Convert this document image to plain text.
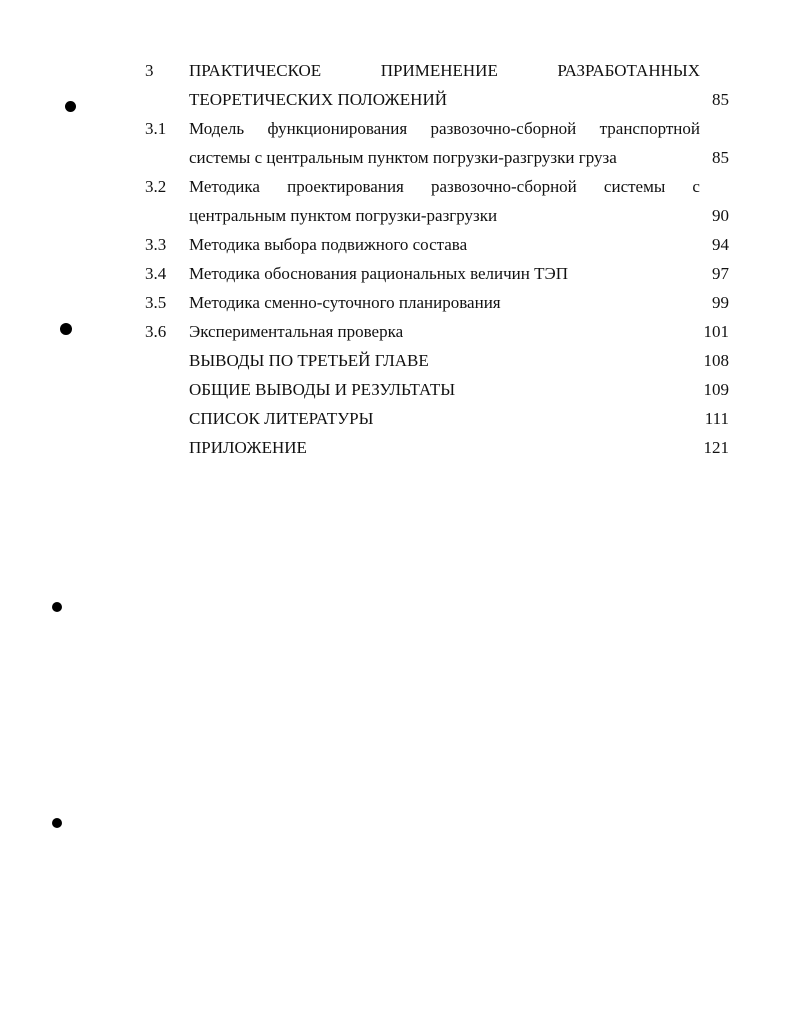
3 ПРАКТИЧЕСКОЕ	ПРИМЕНЕНИЕ	РАЗРАБОТАННЫХ
ТЕОРЕТИЧЕСКИХ ПОЛОЖЕНИЙ	85
3.1 Модель функционирования развозочно-сборной транспортной
системы с центральным пунктом погрузки-разгрузки груза	85
3.2 Методика проектирования развозочно-сборной системы с
центральным пунктом погрузки-разгрузки	90
3.3 Методика выбора подвижного состава	94
3.4 Методика обоснования рациональных величин ТЭП	97
3.5 Методика сменно-суточного планирования	99
3.6 Экспериментальная проверка	101
ВЫВОДЫ ПО ТРЕТЬЕЙ ГЛАВЕ	108
ОБЩИЕ ВЫВОДЫ И РЕЗУЛЬТАТЫ	109
СПИСОК ЛИТЕРАТУРЫ	111
ПРИЛОЖЕНИЕ	121
